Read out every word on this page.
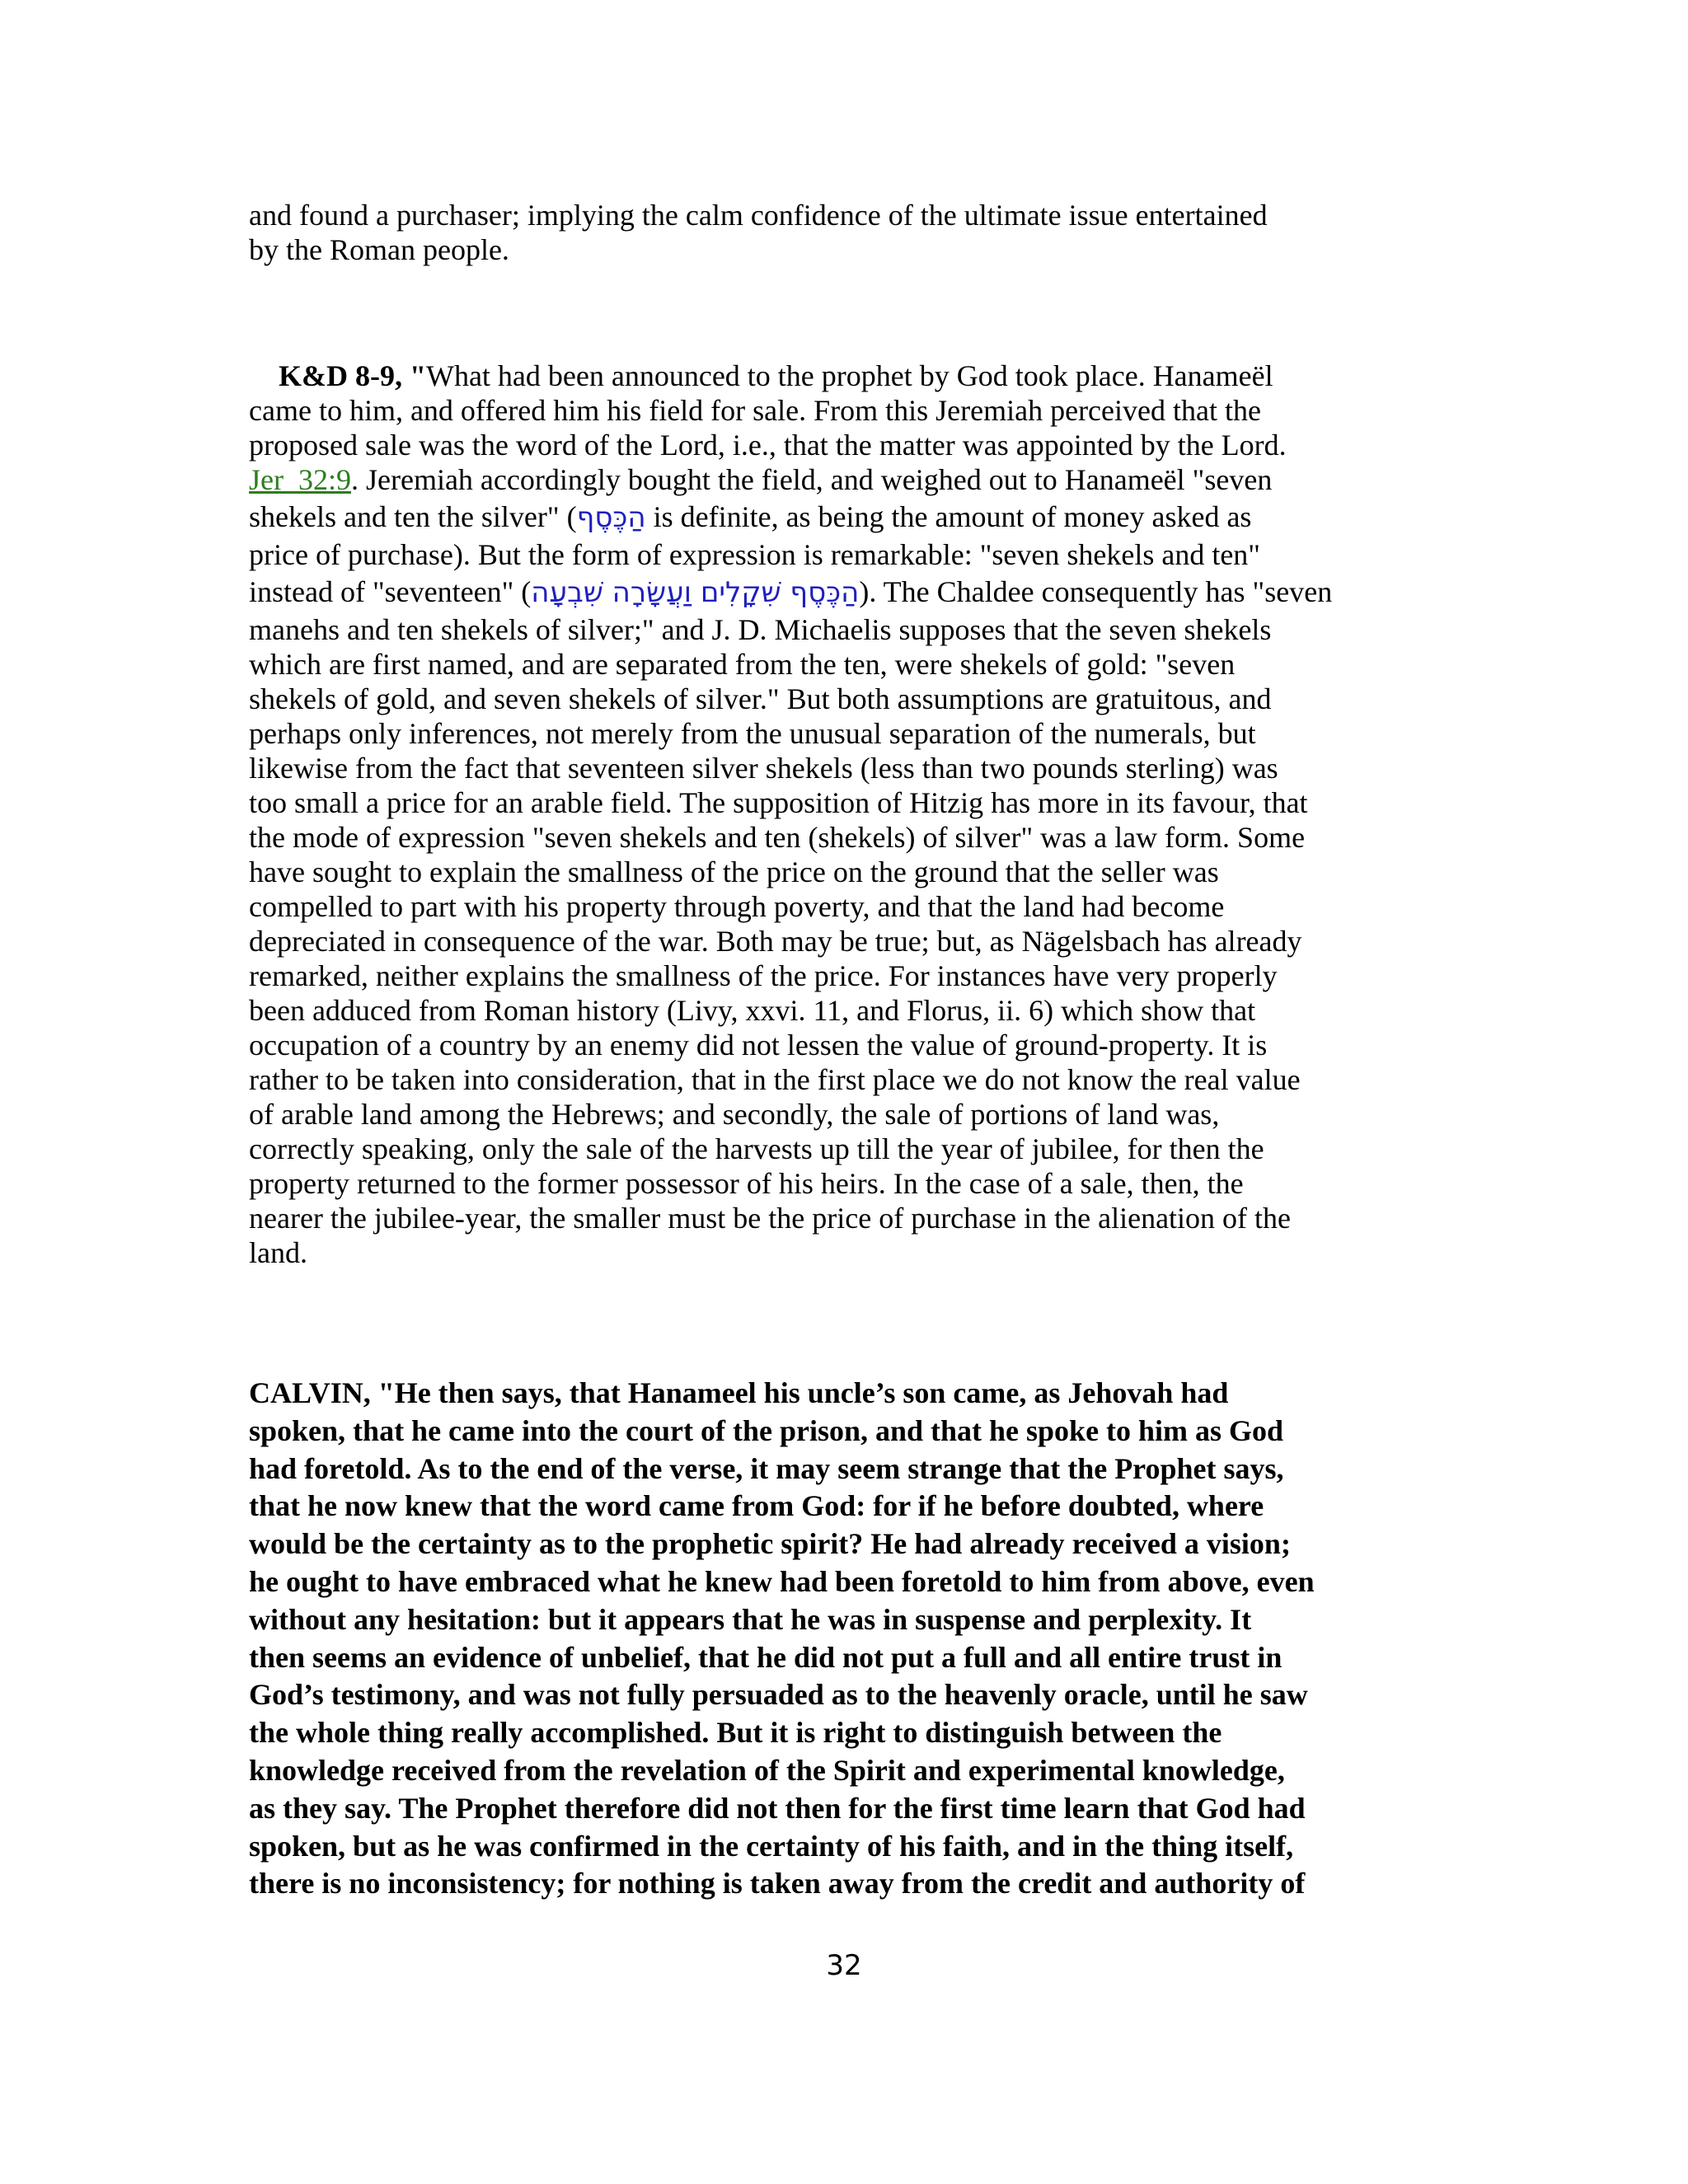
and found a purchaser; implying the calm confidence of the ultimate issue entertained
by the Roman people.
K&D 8-9, "What had been announced to the prophet by God took place. Hanameël
came to him, and offered him his field for sale. From this Jeremiah perceived that the
proposed sale was the word of the Lord, i.e., that the matter was appointed by the Lord.
Jer_32:9. Jeremiah accordingly bought the field, and weighed out to Hanameël "seven
shekels and ten the silver" (הַכֶּסֶף is definite, as being the amount of money asked as
price of purchase). But the form of expression is remarkable: "seven shekels and ten"
instead of "seventeen" (הַכֶּסֶף שִׁקָלִים וַעֲשָׂרָה שִׁבְעָה). The Chaldee consequently has "seven
manehs and ten shekels of silver;" and J. D. Michaelis supposes that the seven shekels
which are first named, and are separated from the ten, were shekels of gold: "seven
shekels of gold, and seven shekels of silver." But both assumptions are gratuitous, and
perhaps only inferences, not merely from the unusual separation of the numerals, but
likewise from the fact that seventeen silver shekels (less than two pounds sterling) was
too small a price for an arable field. The supposition of Hitzig has more in its favour, that
the mode of expression "seven shekels and ten (shekels) of silver" was a law form. Some
have sought to explain the smallness of the price on the ground that the seller was
compelled to part with his property through poverty, and that the land had become
depreciated in consequence of the war. Both may be true; but, as Nägelsbach has already
remarked, neither explains the smallness of the price. For instances have very properly
been adduced from Roman history (Livy, xxvi. 11, and Florus, ii. 6) which show that
occupation of a country by an enemy did not lessen the value of ground-property. It is
rather to be taken into consideration, that in the first place we do not know the real value
of arable land among the Hebrews; and secondly, the sale of portions of land was,
correctly speaking, only the sale of the harvests up till the year of jubilee, for then the
property returned to the former possessor of his heirs. In the case of a sale, then, the
nearer the jubilee-year, the smaller must be the price of purchase in the alienation of the
land.
CALVIN, "He then says, that Hanameel his uncle’s son came, as Jehovah had
spoken, that he came into the court of the prison, and that he spoke to him as God
had foretold. As to the end of the verse, it may seem strange that the Prophet says,
that he now knew that the word came from God: for if he before doubted, where
would be the certainty as to the prophetic spirit? He had already received a vision;
he ought to have embraced what he knew had been foretold to him from above, even
without any hesitation: but it appears that he was in suspense and perplexity. It
then seems an evidence of unbelief, that he did not put a full and all entire trust in
God’s testimony, and was not fully persuaded as to the heavenly oracle, until he saw
the whole thing really accomplished. But it is right to distinguish between the
knowledge received from the revelation of the Spirit and experimental knowledge,
as they say. The Prophet therefore did not then for the first time learn that God had
spoken, but as he was confirmed in the certainty of his faith, and in the thing itself,
there is no inconsistency; for nothing is taken away from the credit and authority of
32
